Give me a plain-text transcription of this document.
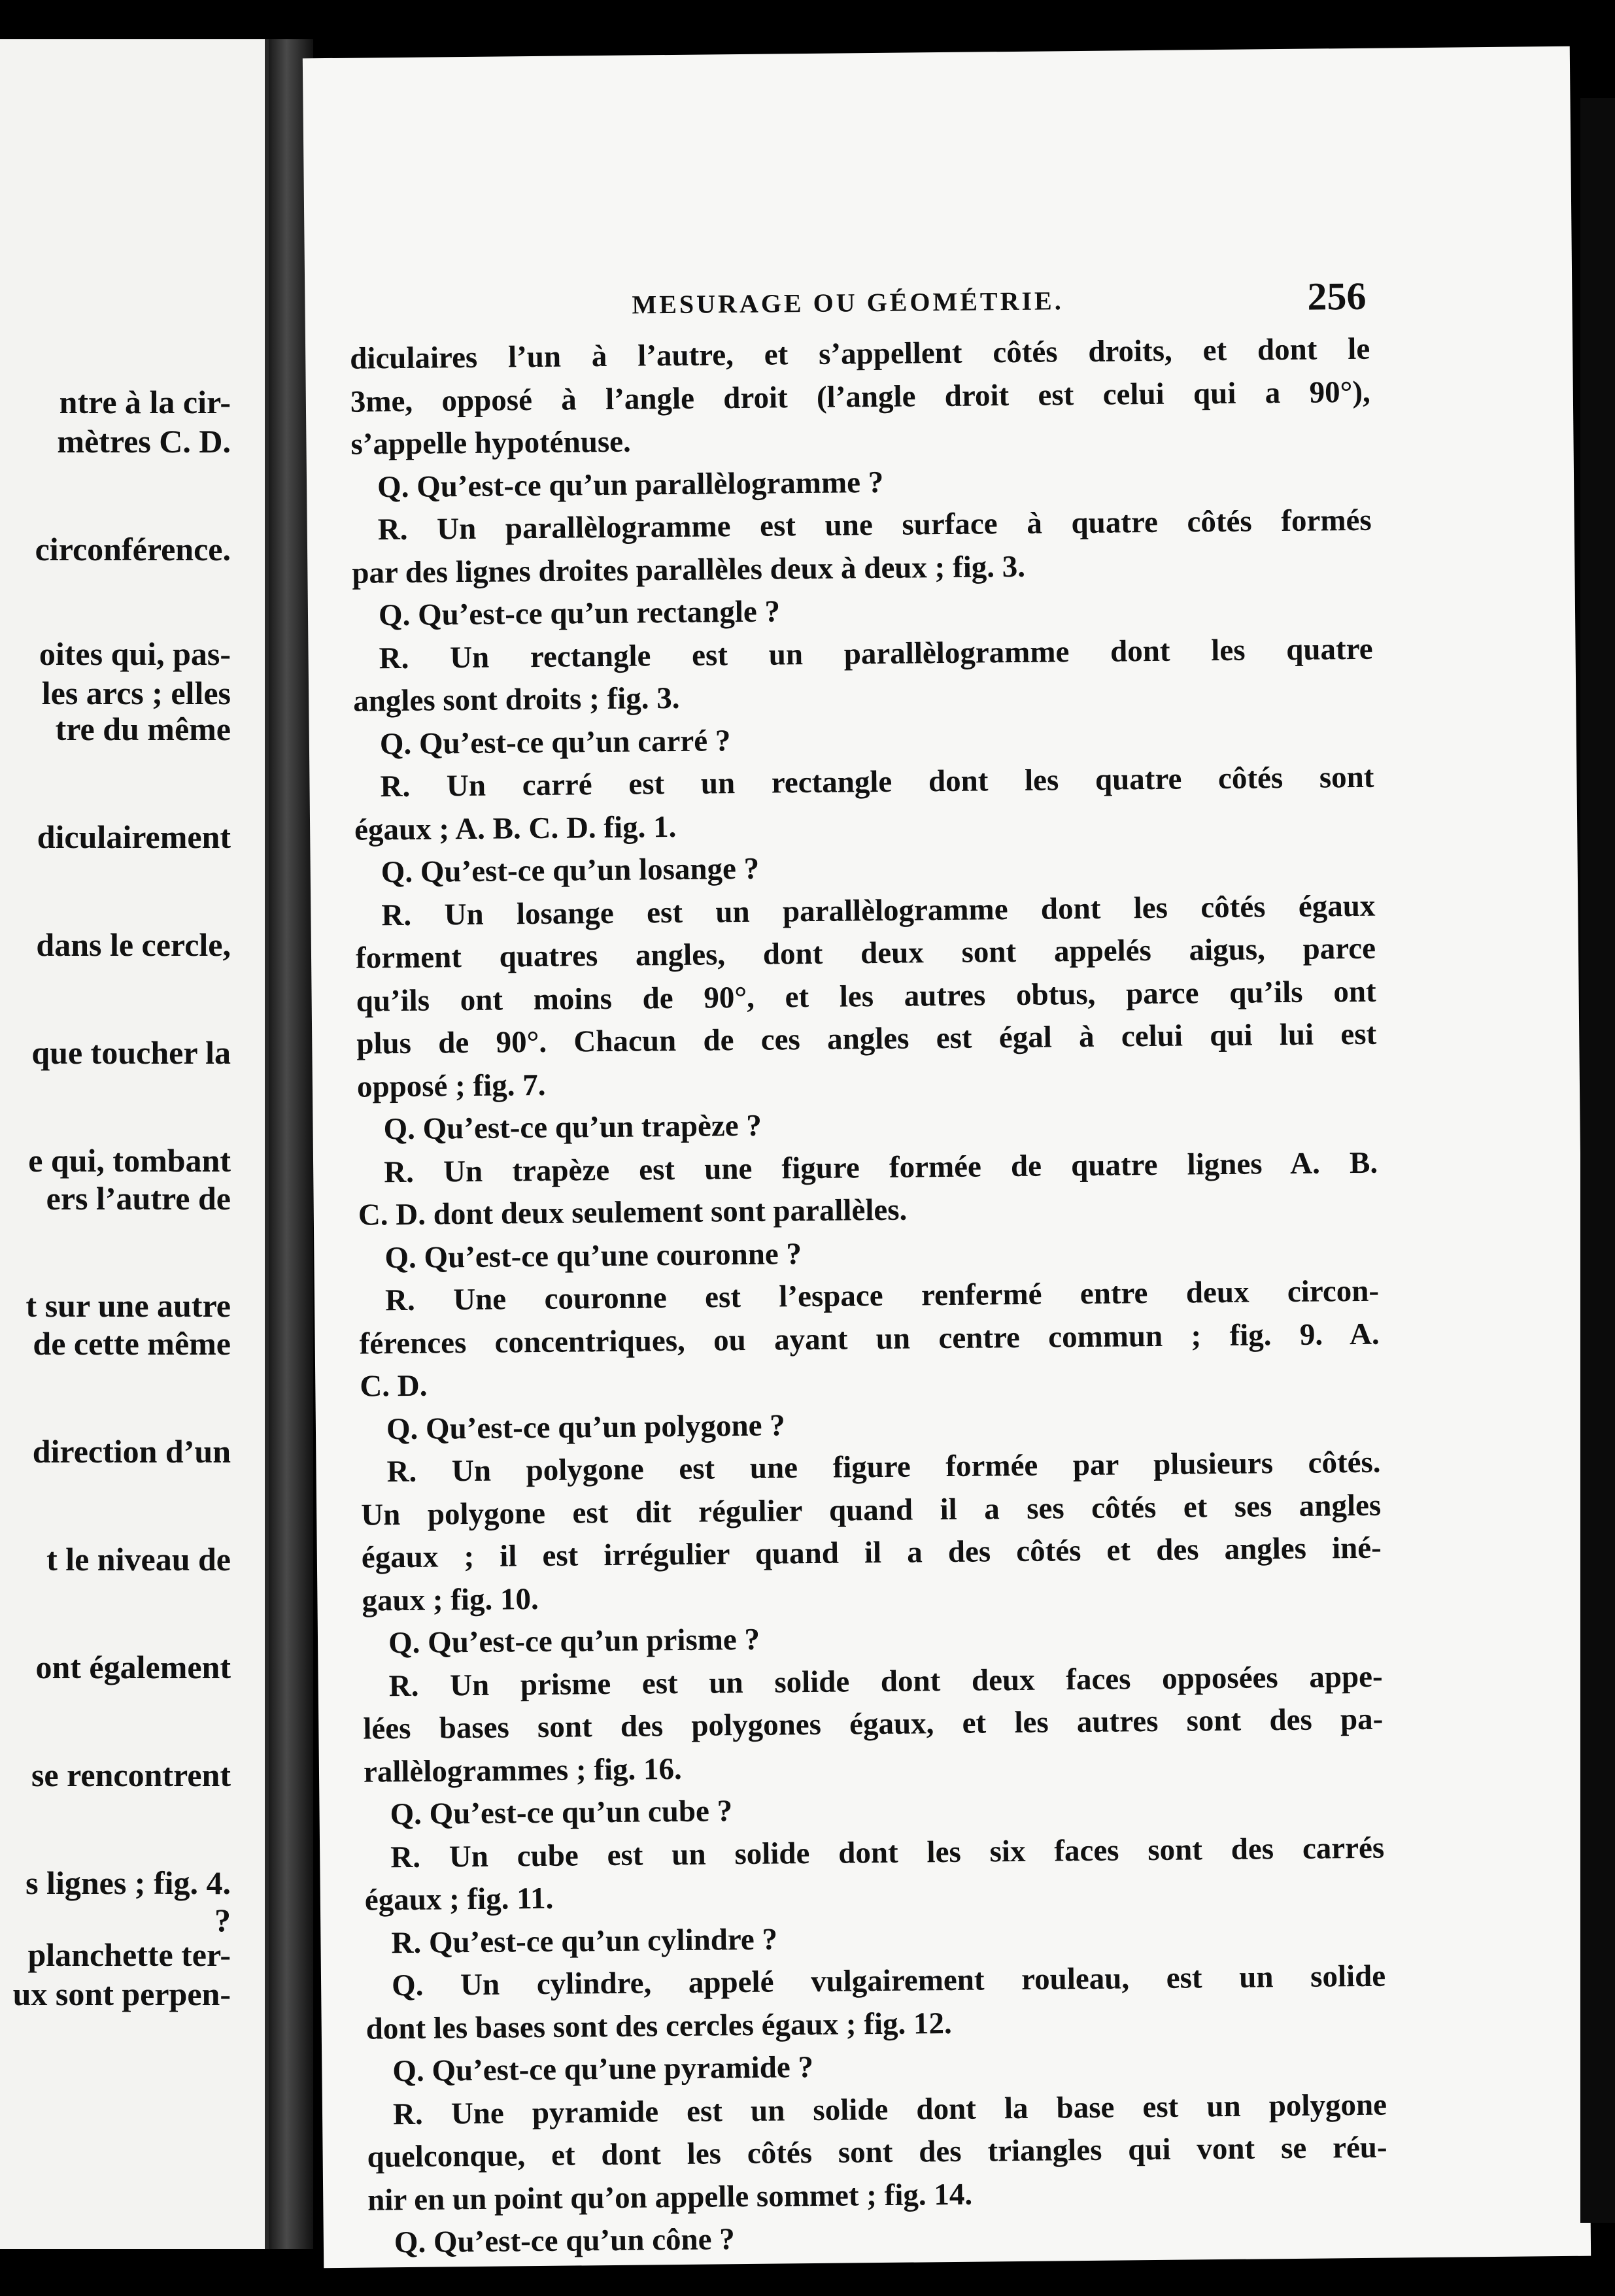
ntre à la cir-
mètres C. D.
circonférence.
oites qui, pas-
les arcs ; elles
tre du même
diculairement
dans le cercle,
que toucher la
e qui, tombant
ers l’autre de
t sur une autre
de cette même
direction d’un
t le niveau de
ont également
se rencontrent
s lignes ; fig. 4.
?
planchette ter-
ux sont perpen-
MESURAGE OU GÉOMÉTRIE.	256
diculaires l’un à l’autre, et s’appellent côtés droits, et dont le
3me, opposé à l’angle droit (l’angle droit est celui qui a 90°),
s’appelle hypoténuse.
Q. Qu’est-ce qu’un parallèlogramme ?
R. Un parallèlogramme est une surface à quatre côtés formés
par des lignes droites parallèles deux à deux ; fig. 3.
Q. Qu’est-ce qu’un rectangle ?
R. Un rectangle est un parallèlogramme dont les quatre
angles sont droits ; fig. 3.
Q. Qu’est-ce qu’un carré ?
R. Un carré est un rectangle dont les quatre côtés sont
égaux ; A. B. C. D. fig. 1.
Q. Qu’est-ce qu’un losange ?
R. Un losange est un parallèlogramme dont les côtés égaux
forment quatres angles, dont deux sont appelés aigus, parce
qu’ils ont moins de 90°, et les autres obtus, parce qu’ils ont
plus de 90°. Chacun de ces angles est égal à celui qui lui est
opposé ; fig. 7.
Q. Qu’est-ce qu’un trapèze ?
R. Un trapèze est une figure formée de quatre lignes A. B.
C. D. dont deux seulement sont parallèles.
Q. Qu’est-ce qu’une couronne ?
R. Une couronne est l’espace renfermé entre deux circon-
férences concentriques, ou ayant un centre commun ; fig. 9. A.
C. D.
Q. Qu’est-ce qu’un polygone ?
R. Un polygone est une figure formée par plusieurs côtés.
Un polygone est dit régulier quand il a ses côtés et ses angles
égaux ; il est irrégulier quand il a des côtés et des angles iné-
gaux ; fig. 10.
Q. Qu’est-ce qu’un prisme ?
R. Un prisme est un solide dont deux faces opposées appe-
lées bases sont des polygones égaux, et les autres sont des pa-
rallèlogrammes ; fig. 16.
Q. Qu’est-ce qu’un cube ?
R. Un cube est un solide dont les six faces sont des carrés
égaux ; fig. 11.
R. Qu’est-ce qu’un cylindre ?
Q. Un cylindre, appelé vulgairement rouleau, est un solide
dont les bases sont des cercles égaux ; fig. 12.
Q. Qu’est-ce qu’une pyramide ?
R. Une pyramide est un solide dont la base est un polygone
quelconque, et dont les côtés sont des triangles qui vont se réu-
nir en un point qu’on appelle sommet ; fig. 14.
Q. Qu’est-ce qu’un cône ?
